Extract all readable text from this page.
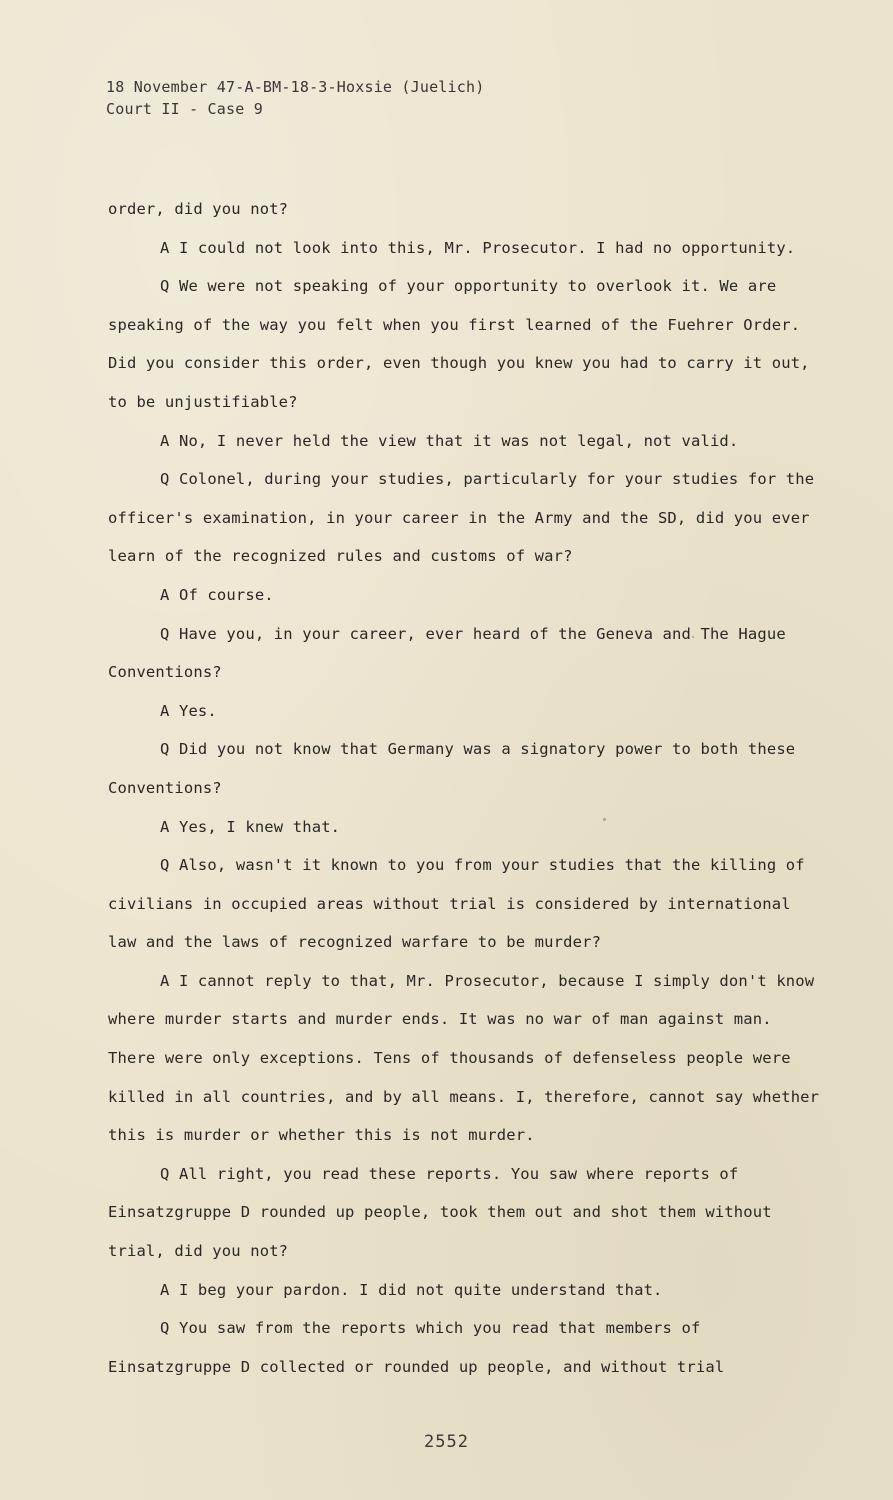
18 November 47-A-BM-18-3-Hoxsie (Juelich)
Court II - Case 9

order, did you not?

A I could not look into this, Mr. Prosecutor. I had no opportunity.

Q We were not speaking of your opportunity to overlook it. We are speaking of the way you felt when you first learned of the Fuehrer Order. Did you consider this order, even though you knew you had to carry it out, to be unjustifiable?

A No, I never held the view that it was not legal, not valid.

Q Colonel, during your studies, particularly for your studies for the officer's examination, in your career in the Army and the SD, did you ever learn of the recognized rules and customs of war?

A Of course.

Q Have you, in your career, ever heard of the Geneva and The Hague Conventions?

A Yes.

Q Did you not know that Germany was a signatory power to both these Conventions?

A Yes, I knew that.

Q Also, wasn't it known to you from your studies that the killing of civilians in occupied areas without trial is considered by international law and the laws of recognized warfare to be murder?

A I cannot reply to that, Mr. Prosecutor, because I simply don't know where murder starts and murder ends. It was no war of man against man. There were only exceptions. Tens of thousands of defenseless people were killed in all countries, and by all means. I, therefore, cannot say whether this is murder or whether this is not murder.

Q All right, you read these reports. You saw where reports of Einsatzgruppe D rounded up people, took them out and shot them without trial, did you not?

A I beg your pardon. I did not quite understand that.

Q You saw from the reports which you read that members of Einsatzgruppe D collected or rounded up people, and without trial

2552
